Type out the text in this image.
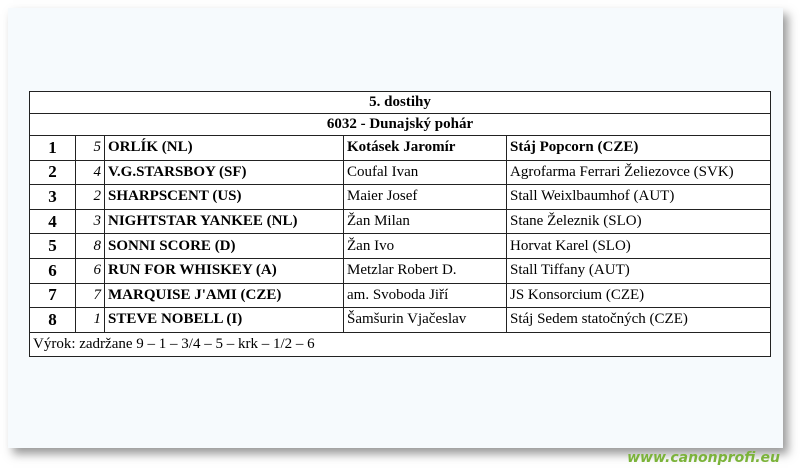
5. dostihy				
6032 - Dunajský pohár				
1	5	ORLÍK (NL)	Kotásek Jaromír	Stáj Popcorn (CZE)
2	4	V.G.STARSBOY (SF)	Coufal Ivan	Agrofarma Ferrari Želiezovce (SVK)
3	2	SHARPSCENT (US)	Maier Josef	Stall Weixlbaumhof (AUT)
4	3	NIGHTSTAR YANKEE (NL)	Žan Milan	Stane Železnik (SLO)
5	8	SONNI SCORE (D)	Žan Ivo	Horvat Karel (SLO)
6	6	RUN FOR WHISKEY (A)	Metzlar Robert D.	Stall Tiffany (AUT)
7	7	MARQUISE J'AMI (CZE)	am. Svoboda Jiří	JS Konsorcium (CZE)
8	1	STEVE NOBELL (I)	Šamšurin Vjačeslav	Stáj Sedem statočných (CZE)
Výrok: zadržane 9 – 1 – 3/4 – 5 – krk – 1/2 – 6				
www.canonprofi.eu
